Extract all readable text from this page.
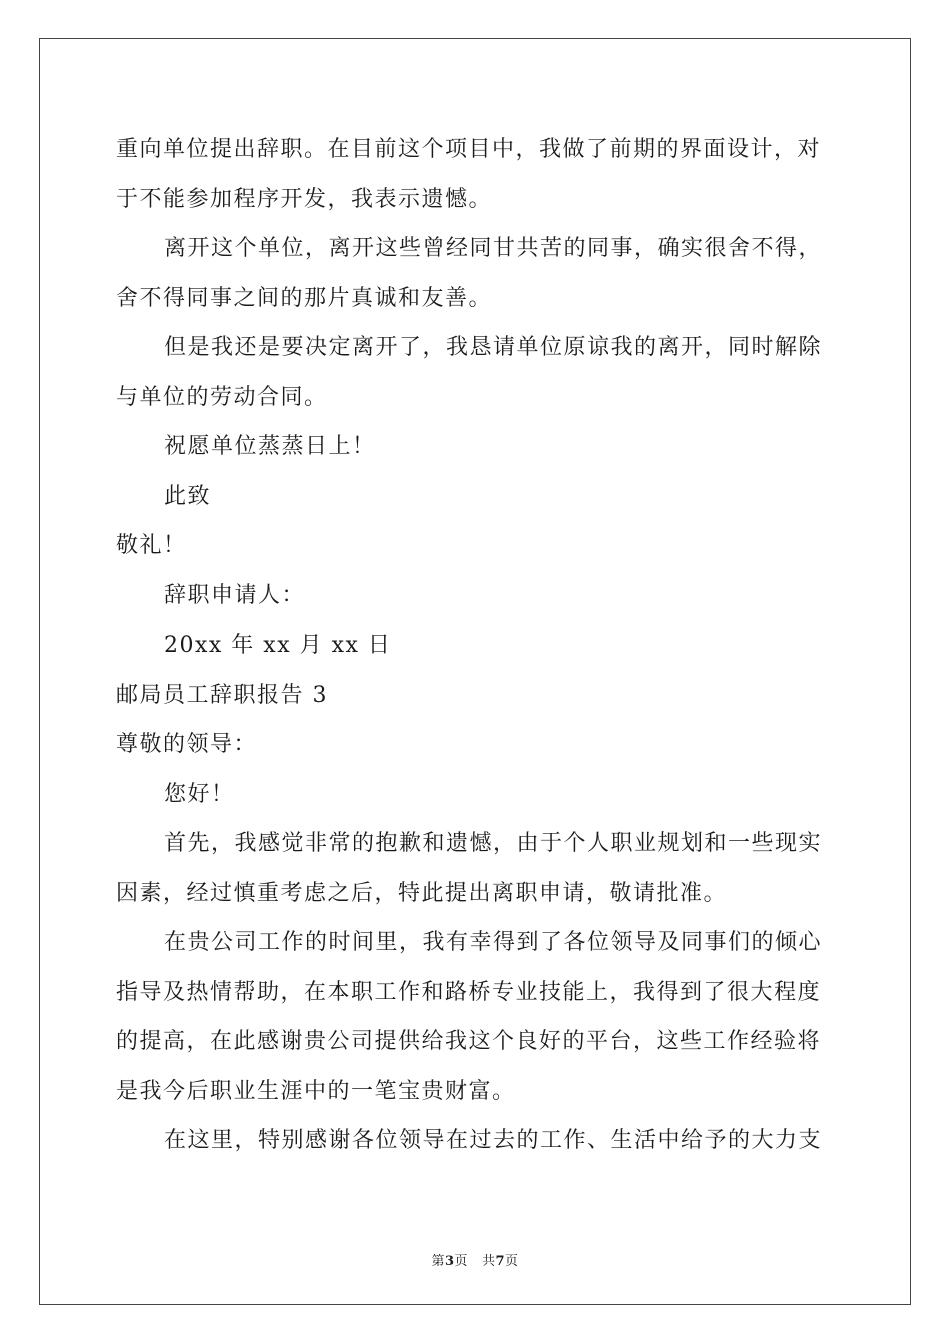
重向单位提出辞职。在目前这个项目中，我做了前期的界面设计，对
于不能参加程序开发，我表示遗憾。
离开这个单位，离开这些曾经同甘共苦的同事，确实很舍不得，
舍不得同事之间的那片真诚和友善。
但是我还是要决定离开了，我恳请单位原谅我的离开，同时解除
与单位的劳动合同。
祝愿单位蒸蒸日上！
此致
敬礼！
辞职申请人：
20xx 年 xx 月 xx 日
邮局员工辞职报告 3
尊敬的领导：
您好！
首先，我感觉非常的抱歉和遗憾，由于个人职业规划和一些现实
因素，经过慎重考虑之后，特此提出离职申请，敬请批准。
在贵公司工作的时间里，我有幸得到了各位领导及同事们的倾心
指导及热情帮助，在本职工作和路桥专业技能上，我得到了很大程度
的提高，在此感谢贵公司提供给我这个良好的平台，这些工作经验将
是我今后职业生涯中的一笔宝贵财富。
在这里，特别感谢各位领导在过去的工作、生活中给予的大力支
第3页 共7页
